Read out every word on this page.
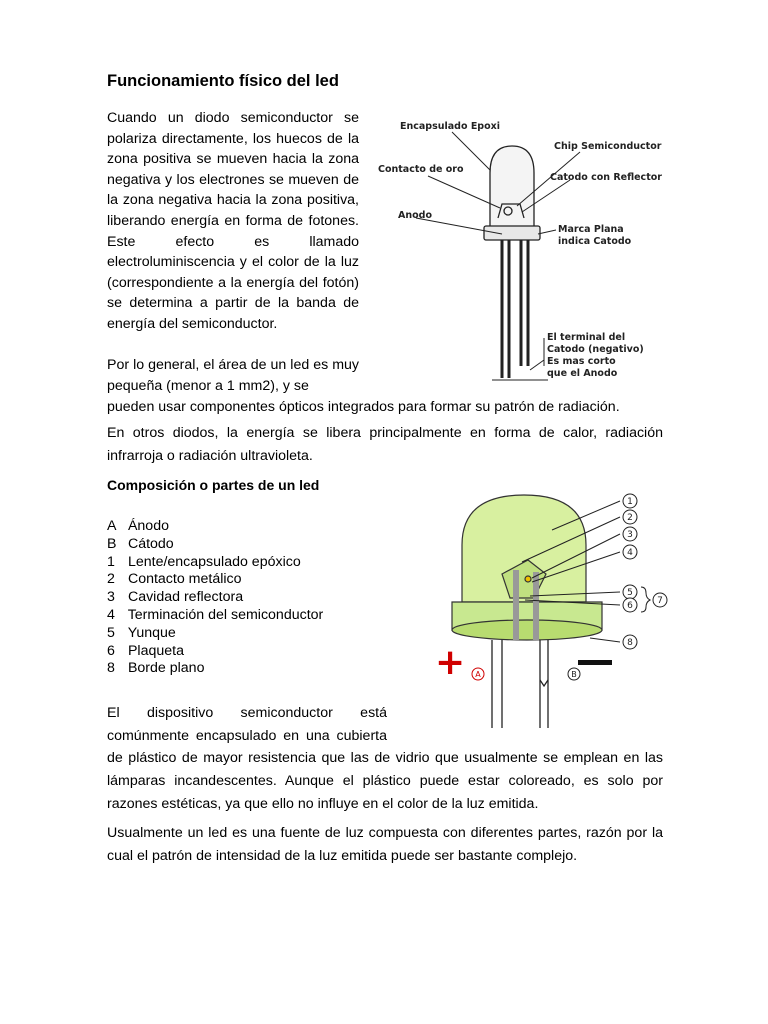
Funcionamiento físico del led

Cuando un diodo semiconductor se polariza directamente, los huecos de la zona positiva se mueven hacia la zona negativa y los electrones se mueven de la zona negativa hacia la zona positiva, liberando energía en forma de fotones. Este efecto es llamado electroluminiscencia y el color de la luz (correspondiente a la energía del fotón) se determina a partir de la banda de energía del semiconductor.

Por lo general, el área de un led es muy pequeña (menor a 1 mm2), y se

pueden usar componentes ópticos integrados para formar su patrón de radiación.

En otros diodos, la energía se libera principalmente en forma de calor, radiación infrarroja o radiación ultravioleta.

Encapsulado Epoxi
Chip Semiconductor
Contacto de oro
Catodo con Reflector
Anodo
Marca Plana
indica Catodo
El terminal del
Catodo (negativo)
Es mas corto
que el Anodo
Composición o partes de un led
A Ánodo
B Cátodo
1 Lente/encapsulado epóxico
2 Contacto metálico
3 Cavidad reflectora
4 Terminación del semiconductor
5 Yunque
6 Plaqueta
8 Borde plano
1
2
3
4
5
6	7
8
+ A	B

El dispositivo semiconductor está comúnmente encapsulado en una cubierta

de plástico de mayor resistencia que las de vidrio que usualmente se emplean en las lámparas incandescentes. Aunque el plástico puede estar coloreado, es solo por razones estéticas, ya que ello no influye en el color de la luz emitida.

Usualmente un led es una fuente de luz compuesta con diferentes partes, razón por la cual el patrón de intensidad de la luz emitida puede ser bastante complejo.
